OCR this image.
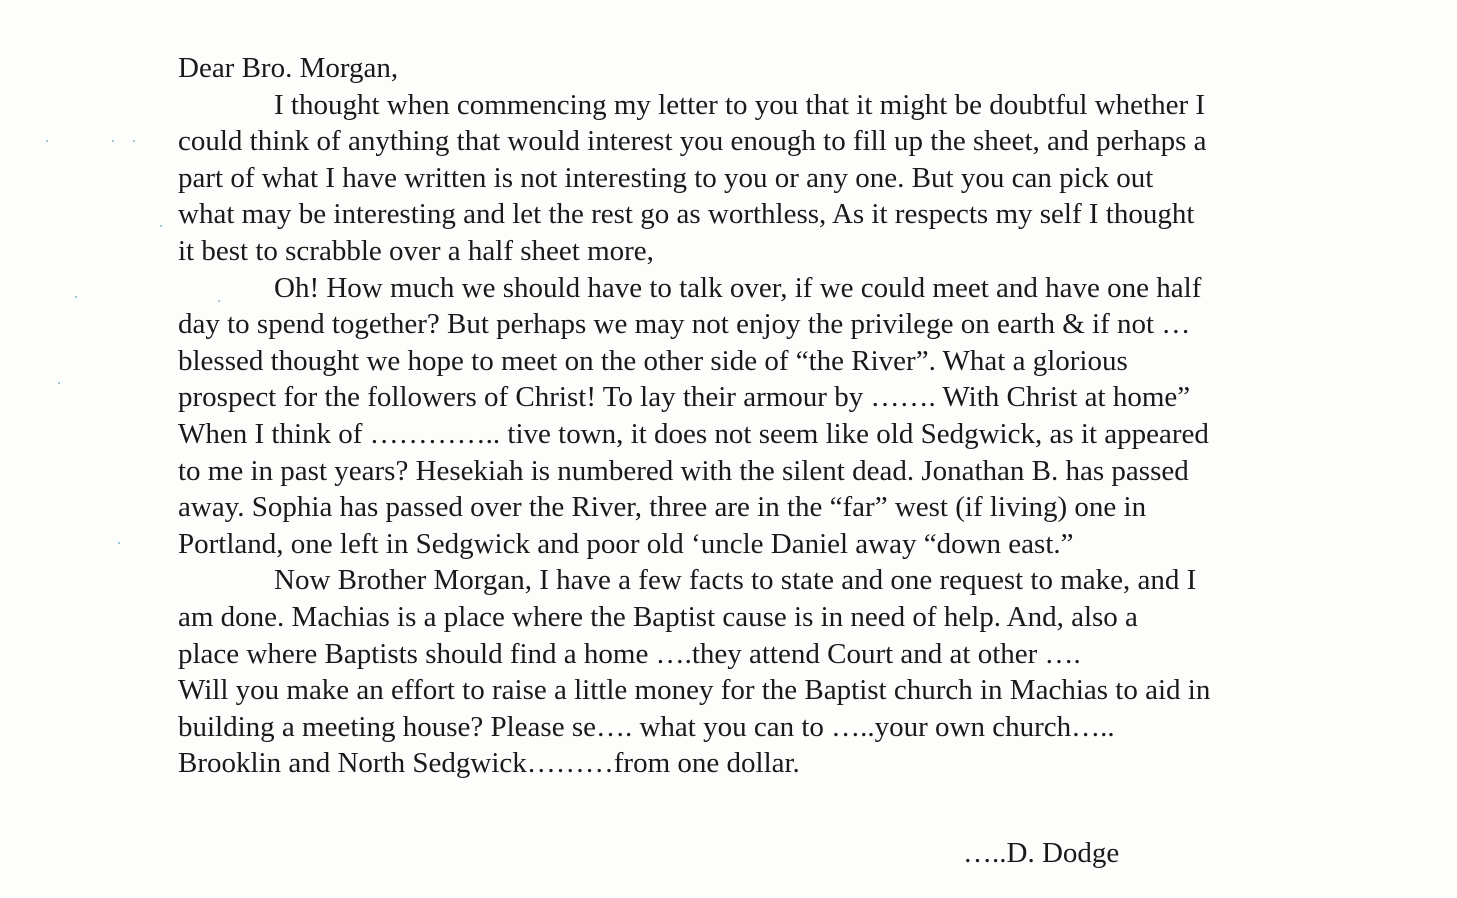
Dear Bro. Morgan,
I thought when commencing my letter to you that it might be doubtful whether I
could think of anything that would interest you enough to fill up the sheet, and perhaps a
part of what I have written is not interesting to you or any one. But you can pick out
what may be interesting and let the rest go as worthless, As it respects my self I thought
it best to scrabble over a half sheet more,
Oh! How much we should have to talk over, if we could meet and have one half
day to spend together? But perhaps we may not enjoy the privilege on earth & if not …
blessed thought we hope to meet on the other side of “the River”. What a glorious
prospect for the followers of Christ! To lay their armour by ……. With Christ at home”
When I think of ………….. tive town, it does not seem like old Sedgwick, as it appeared
to me in past years? Hesekiah is numbered with the silent dead. Jonathan B. has passed
away. Sophia has passed over the River, three are in the “far” west (if living) one in
Portland, one left in Sedgwick and poor old ‘uncle Daniel away “down east.”
Now Brother Morgan, I have a few facts to state and one request to make, and I
am done. Machias is a place where the Baptist cause is in need of help. And, also a
place where Baptists should find a home ….they attend Court and at other ….
Will you make an effort to raise a little money for the Baptist church in Machias to aid in
building a meeting house? Please se…. what you can to …..your own church…..
Brooklin and North Sedgwick………from one dollar.
…..D. Dodge
